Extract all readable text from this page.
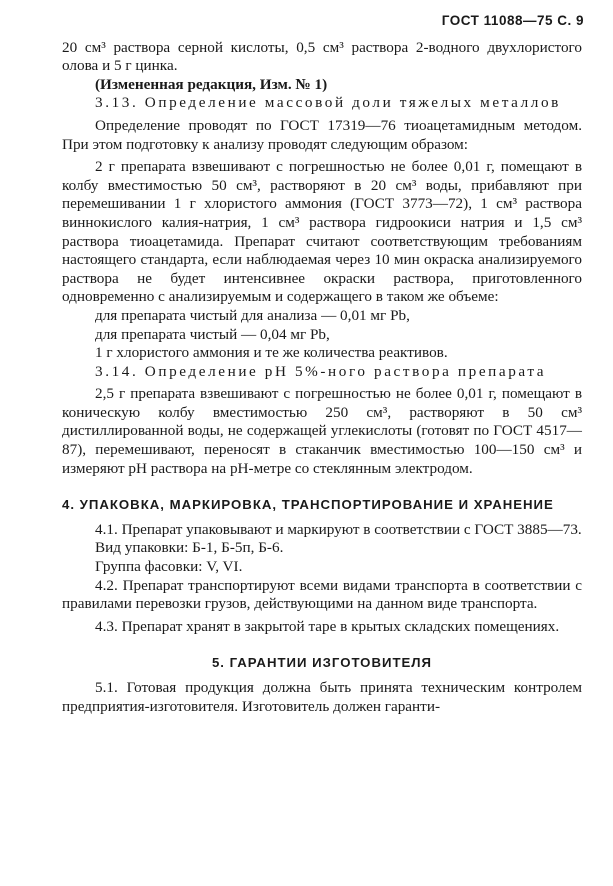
ГОСТ 11088—75 С. 9

20 см³ раствора серной кислоты, 0,5 см³ раствора 2-водного двухлористого олова и 5 г цинка.

(Измененная редакция, Изм. № 1)

3.13. Определение массовой доли тяжелых металлов

Определение проводят по ГОСТ 17319—76 тиоацетамидным методом. При этом подготовку к анализу проводят следующим образом:

2 г препарата взвешивают с погрешностью не более 0,01 г, помещают в колбу вместимостью 50 см³, растворяют в 20 см³ воды, прибавляют при перемешивании 1 г хлористого аммония (ГОСТ 3773—72), 1 см³ раствора виннокислого калия-натрия, 1 см³ раствора гидроокиси натрия и 1,5 см³ раствора тиоацетамида. Препарат считают соответствующим требованиям настоящего стандарта, если наблюдаемая через 10 мин окраска анализируемого раствора не будет интенсивнее окраски раствора, приготовленного одновременно с анализируемым и содержащего в таком же объеме:

для препарата чистый для анализа — 0,01 мг Pb,

для препарата чистый — 0,04 мг Pb,

1 г хлористого аммония и те же количества реактивов.

3.14. Определение pH 5%-ного раствора препарата

2,5 г препарата взвешивают с погрешностью не более 0,01 г, помещают в коническую колбу вместимостью 250 см³, растворяют в 50 см³ дистиллированной воды, не содержащей углекислоты (готовят по ГОСТ 4517—87), перемешивают, переносят в стаканчик вместимостью 100—150 см³ и измеряют pH раствора на pH-метре со стеклянным электродом.

4. УПАКОВКА, МАРКИРОВКА, ТРАНСПОРТИРОВАНИЕ И ХРАНЕНИЕ

4.1. Препарат упаковывают и маркируют в соответствии с ГОСТ 3885—73.

Вид упаковки: Б-1, Б-5п, Б-6.

Группа фасовки: V, VI.

4.2. Препарат транспортируют всеми видами транспорта в соответствии с правилами перевозки грузов, действующими на данном виде транспорта.

4.3. Препарат хранят в закрытой таре в крытых складских помещениях.

5. ГАРАНТИИ ИЗГОТОВИТЕЛЯ

5.1. Готовая продукция должна быть принята техническим контролем предприятия-изготовителя. Изготовитель должен гаранти-
